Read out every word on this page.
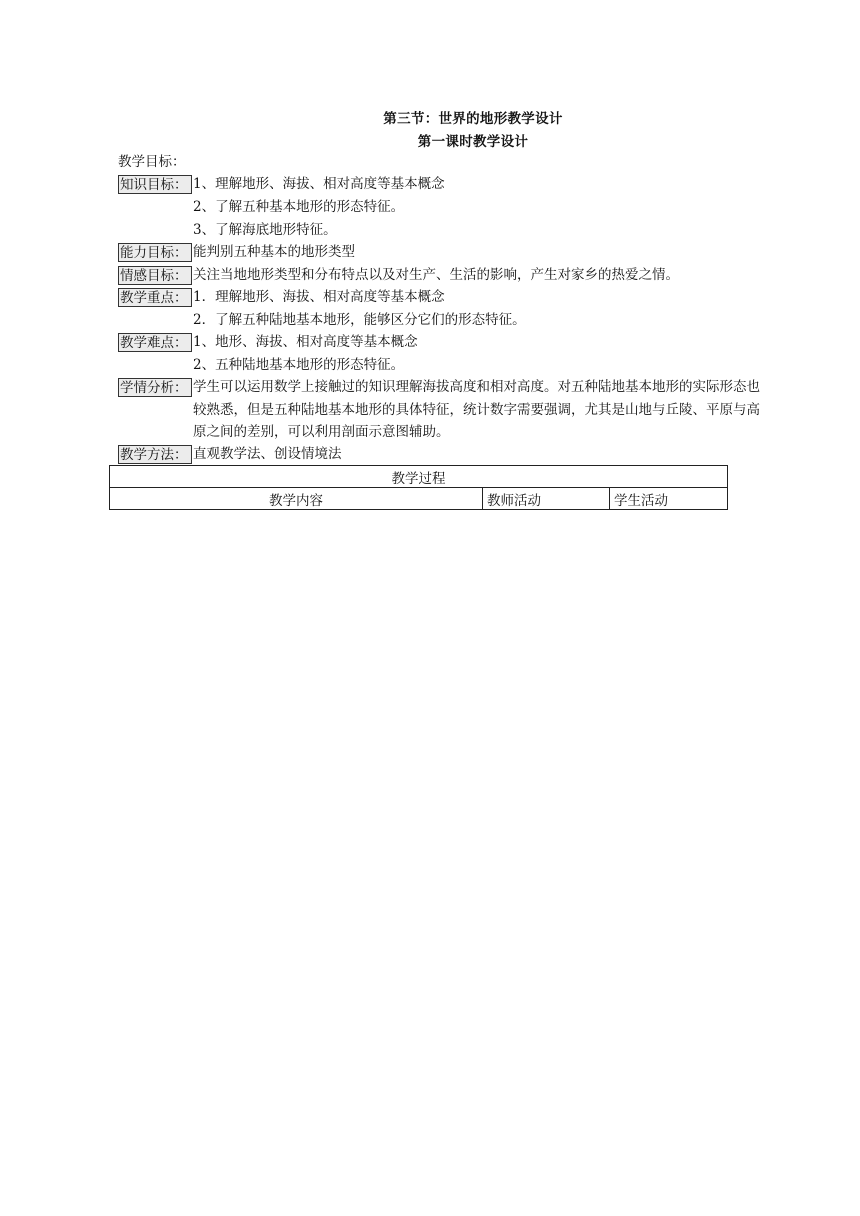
第三节：世界的地形教学设计
第一课时教学设计
教学目标：
知识目标： 1、理解地形、海拔、相对高度等基本概念
2、了解五种基本地形的形态特征。
3、了解海底地形特征。
能力目标： 能判别五种基本的地形类型
情感目标： 关注当地地形类型和分布特点以及对生产、生活的影响，产生对家乡的热爱之情。
教学重点： 1．理解地形、海拔、相对高度等基本概念
2．了解五种陆地基本地形，能够区分它们的形态特征。
教学难点： 1、地形、海拔、相对高度等基本概念
2、五种陆地基本地形的形态特征。
学情分析： 学生可以运用数学上接触过的知识理解海拔高度和相对高度。对五种陆地基本地形的实际形态也
较熟悉，但是五种陆地基本地形的具体特征，统计数字需要强调，尤其是山地与丘陵、平原与高
原之间的差别，可以利用剖面示意图辅助。
教学方法： 直观教学法、创设情境法
教学过程
教学内容	教师活动	学生活动
